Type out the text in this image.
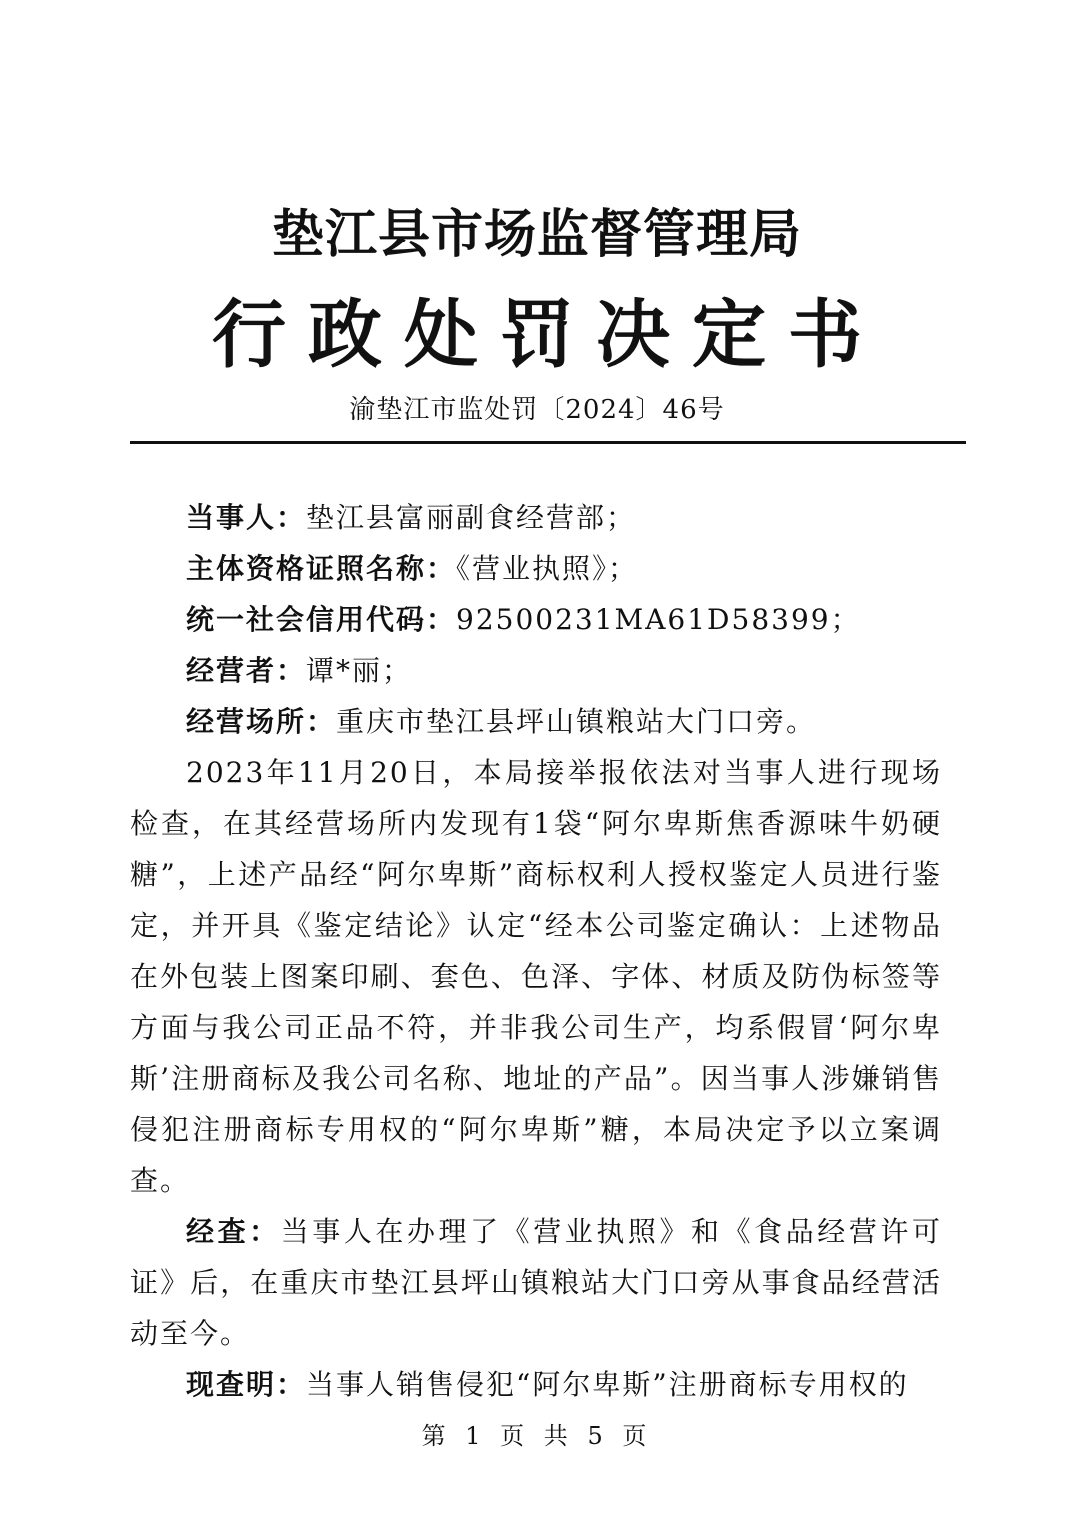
垫江县市场监督管理局
行政处罚决定书
渝垫江市监处罚〔2024〕46号

当事人：垫江县富丽副食经营部；

主体资格证照名称：《营业执照》；

统一社会信用代码：92500231MA61D58399；

经营者：谭*丽；

经营场所：重庆市垫江县坪山镇粮站大门口旁。

2023年11月20日，本局接举报依法对当事人进行现场检查，在其经营场所内发现有1袋“阿尔卑斯焦香源味牛奶硬糖”，上述产品经“阿尔卑斯”商标权利人授权鉴定人员进行鉴定，并开具《鉴定结论》认定“经本公司鉴定确认：上述物品在外包装上图案印刷、套色、色泽、字体、材质及防伪标签等方面与我公司正品不符，并非我公司生产，均系假冒‘阿尔卑斯’注册商标及我公司名称、地址的产品”。因当事人涉嫌销售侵犯注册商标专用权的“阿尔卑斯”糖，本局决定予以立案调查。

经查：当事人在办理了《营业执照》和《食品经营许可证》后，在重庆市垫江县坪山镇粮站大门口旁从事食品经营活动至今。

现查明：当事人销售侵犯“阿尔卑斯”注册商标专用权的

第 1 页 共 5 页
